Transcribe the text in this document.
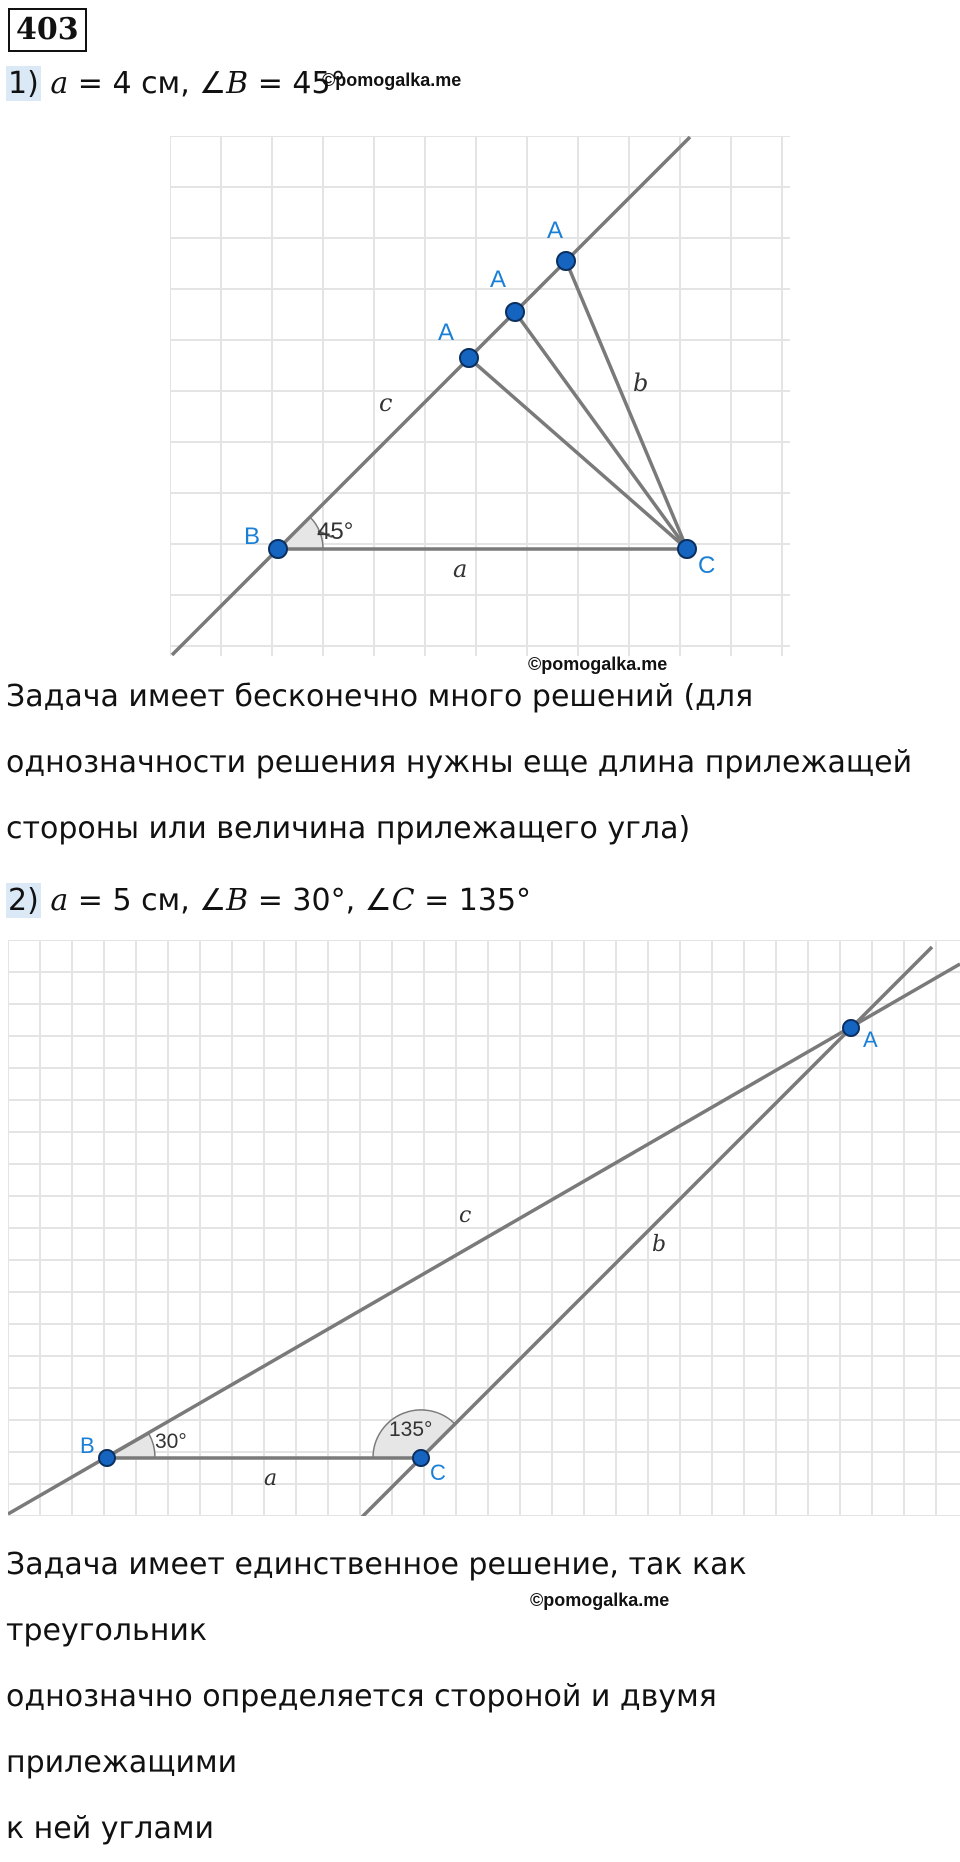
403
1) a = 4 см, ∠B = 45°
©pomogalka.me
B
C
A
A
A
45°
c
b
a
©pomogalka.me
Задача имеет бесконечно много решений (для
однозначности решения нужны еще длина прилежащей
стороны или величина прилежащего угла)
2) a = 5 см, ∠B = 30°, ∠C = 135°
B
C
A
30°
135°
c
b
a
©pomogalka.me
Задача имеет единственное решение, так как треугольник
однозначно определяется стороной и двумя прилежащими
к ней углами
